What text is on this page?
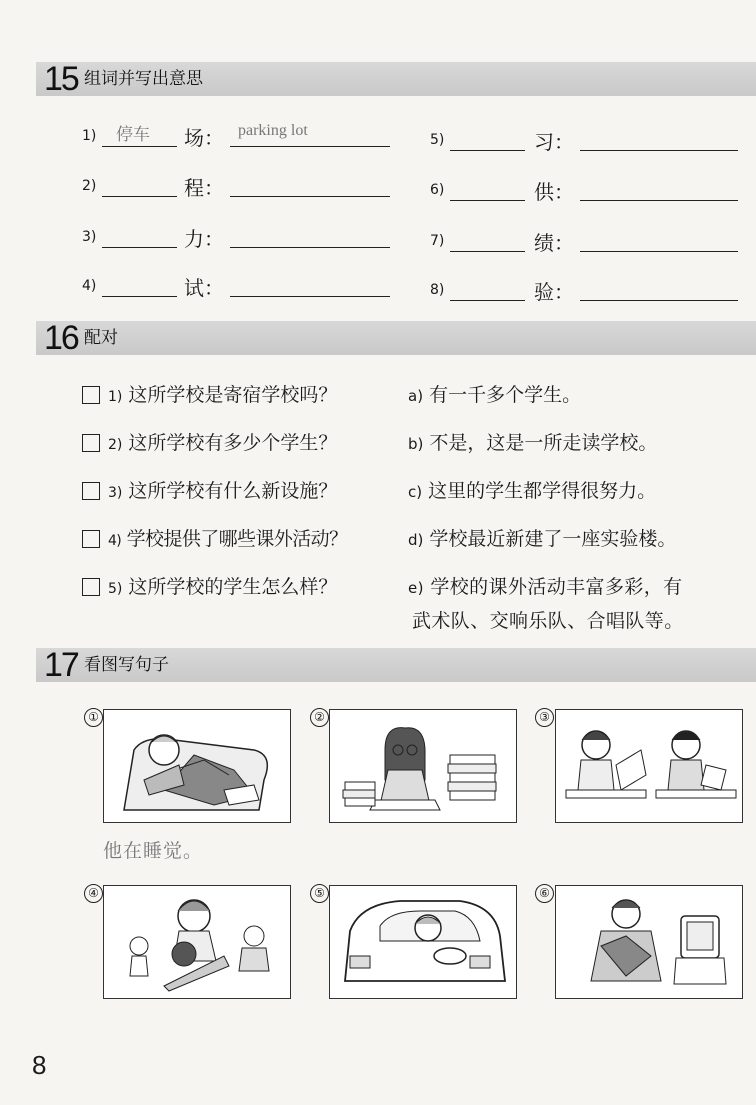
15 组词并写出意思
1) 停车 场： parking lot
2)	程：
3)	力：
4)	试：
5)	习：
6)	供：
7)	绩：
8)	验：
16 配对
1) 这所学校是寄宿学校吗？	a) 有一千多个学生。
2) 这所学校有多少个学生？	b) 不是，这是一所走读学校。
3) 这所学校有什么新设施？	c) 这里的学生都学得很努力。
4) 学校提供了哪些课外活动？	d) 学校最近新建了一座实验楼。
5) 这所学校的学生怎么样？	e) 学校的课外活动丰富多彩，有
武术队、交响乐队、合唱队等。
17 看图写句子
①	②	③
他在睡觉。
④	⑤	⑥
8
